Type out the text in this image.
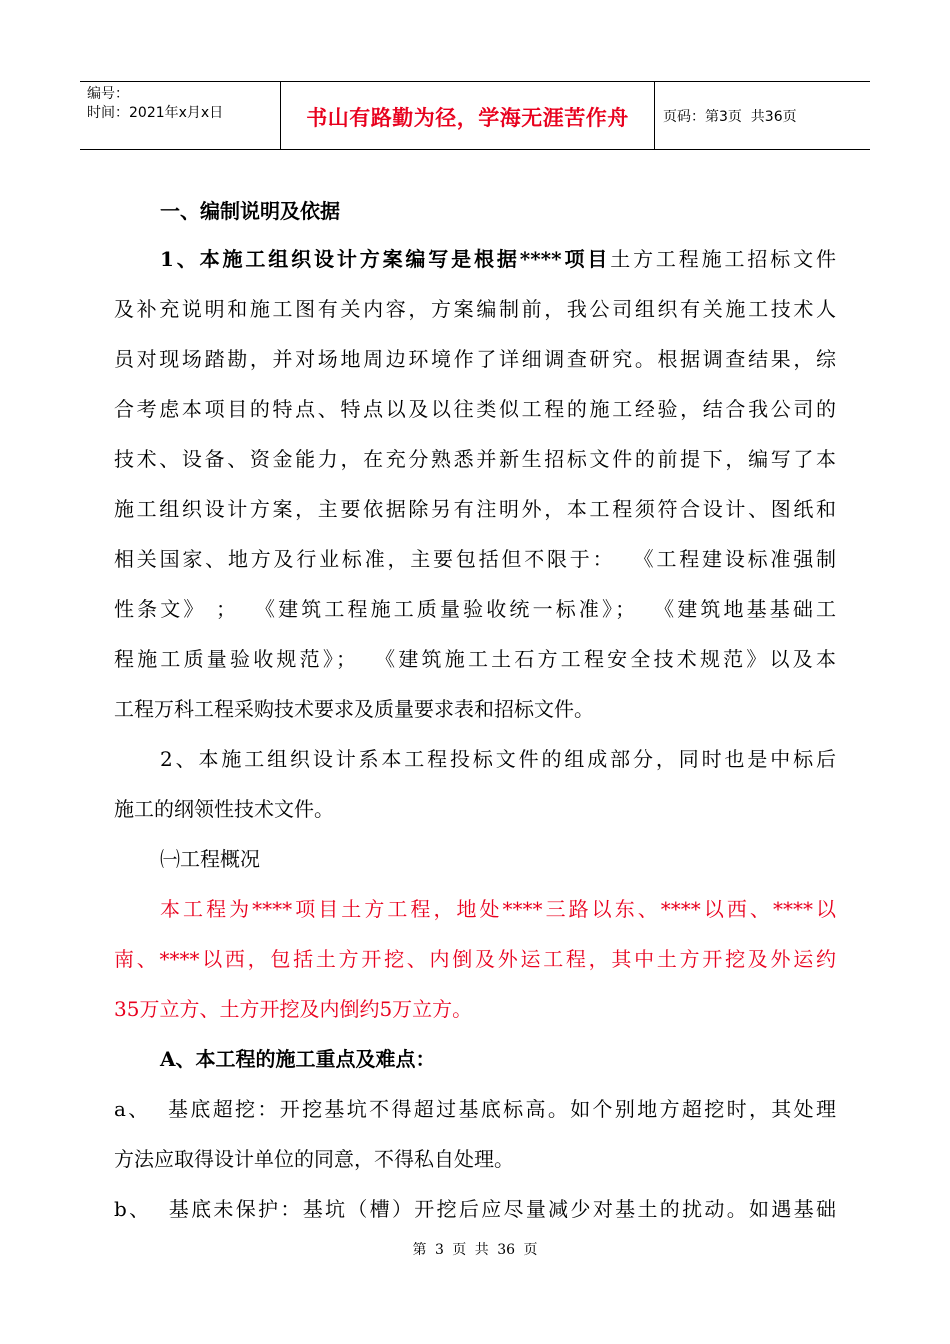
编号：
时间：2021年x月x日	书山有路勤为径，学海无涯苦作舟	页码：第3页  共36页
一、编制说明及依据
1、本施工组织设计方案编写是根据****项目土方工程施工招标文件
及补充说明和施工图有关内容，方案编制前，我公司组织有关施工技术人
员对现场踏勘，并对场地周边环境作了详细调查研究。根据调查结果，综
合考虑本项目的特点、特点以及以往类似工程的施工经验，结合我公司的
技术、设备、资金能力，在充分熟悉并新生招标文件的前提下，编写了本
施工组织设计方案，主要依据除另有注明外，本工程须符合设计、图纸和
相关国家、地方及行业标准，主要包括但不限于：  《工程建设标准强制
性条文》 ；  《建筑工程施工质量验收统一标准》；  《建筑地基基础工
程施工质量验收规范》；  《建筑施工土石方工程安全技术规范》以及本
工程万科工程采购技术要求及质量要求表和招标文件。
2、本施工组织设计系本工程投标文件的组成部分，同时也是中标后
施工的纲领性技术文件。
㈠工程概况
本工程为****项目土方工程，地处****三路以东、****以西、****以
南、****以西，包括土方开挖、内倒及外运工程，其中土方开挖及外运约
35万立方、土方开挖及内倒约5万立方。
A、本工程的施工重点及难点：
a、  基底超挖：开挖基坑不得超过基底标高。如个别地方超挖时，其处理
方法应取得设计单位的同意，不得私自处理。
b、  基底未保护：基坑（槽）开挖后应尽量减少对基土的扰动。如遇基础
第 3 页 共 36 页
